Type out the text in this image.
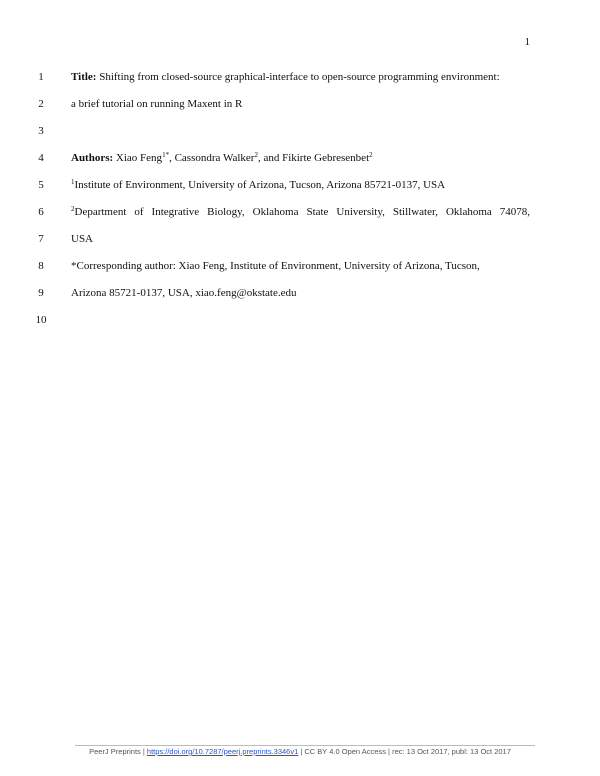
1
1	Title: Shifting from closed-source graphical-interface to open-source programming environment:
2	a brief tutorial on running Maxent in R
3
4	Authors: Xiao Feng$^{1*}$, Cassondra Walker$^2$, and Fikirte Gebresenbet$^2$
5	$^1$Institute of Environment, University of Arizona, Tucson, Arizona 85721-0137, USA
6	$^2$Department of Integrative Biology, Oklahoma State University, Stillwater, Oklahoma 74078,
7	USA
8	*Corresponding author: Xiao Feng, Institute of Environment, University of Arizona, Tucson,
9	Arizona 85721-0137, USA, xiao.feng@okstate.edu
10
PeerJ Preprints | https://doi.org/10.7287/peerj.preprints.3346v1 | CC BY 4.0 Open Access | rec: 13 Oct 2017, publ: 13 Oct 2017
